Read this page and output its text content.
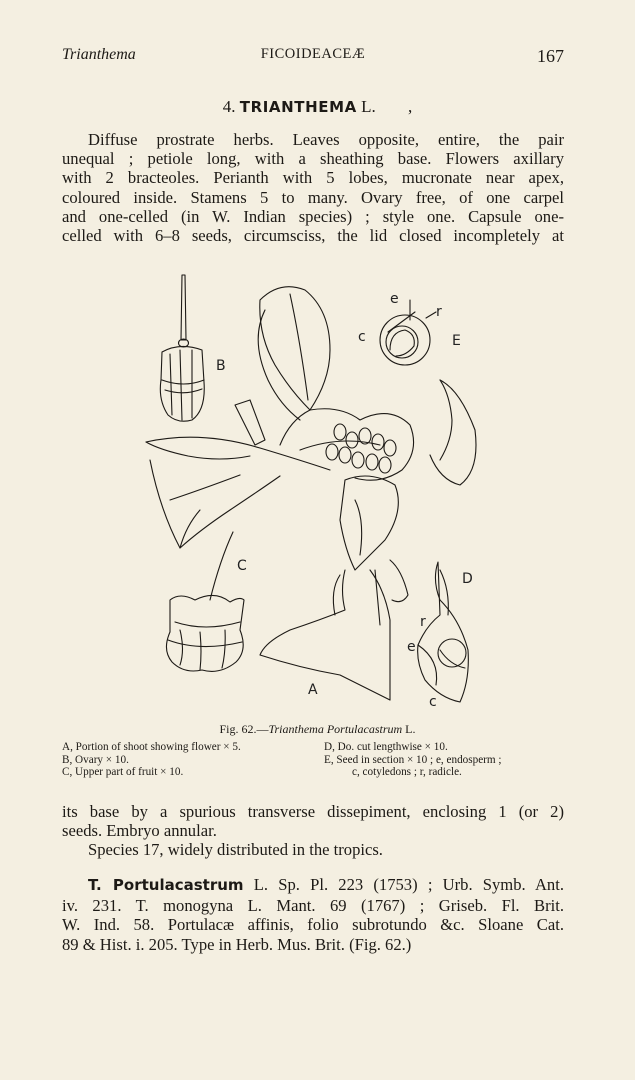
Trianthema	FICOIDEACEÆ	167
4. TRIANTHEMA L. ,
Diffuse prostrate herbs. Leaves opposite, entire, the pair
unequal ; petiole long, with a sheathing base. Flowers axillary
with 2 bracteoles. Perianth with 5 lobes, mucronate near apex,
coloured inside. Stamens 5 to many. Ovary free, of one carpel
and one-celled (in W. Indian species) ; style one. Capsule one-
celled with 6–8 seeds, circumsciss, the lid closed incompletely at
B
C
D
E
A
c
e
r
r
e
c
Fig. 62.—Trianthema Portulacastrum L.
A, Portion of shoot showing flower × 5.
B, Ovary × 10.
C, Upper part of fruit × 10.
D, Do. cut lengthwise × 10.
E, Seed in section × 10 ; e, endosperm ;
c, cotyledons ; r, radicle.
its base by a spurious transverse dissepiment, enclosing 1 (or 2)
seeds. Embryo annular.
Species 17, widely distributed in the tropics.
T. Portulacastrum L. Sp. Pl. 223 (1753) ; Urb. Symb. Ant.
iv. 231. T. monogyna L. Mant. 69 (1767) ; Griseb. Fl. Brit.
W. Ind. 58. Portulacæ affinis, folio subrotundo &c. Sloane Cat.
89 & Hist. i. 205. Type in Herb. Mus. Brit. (Fig. 62.)
